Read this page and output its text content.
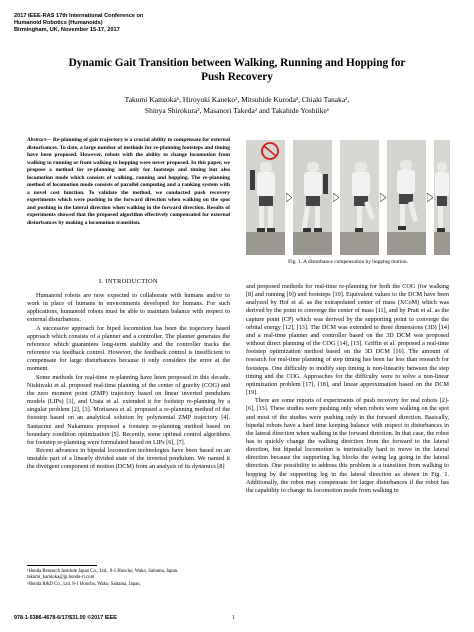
2017 IEEE-RAS 17th International Conference on
Humanoid Robotics (Humanoids)
Birmingham, UK, November 15-17, 2017
Dynamic Gait Transition between Walking, Running and Hopping for
Push Recovery
Takumi Kamioka¹, Hiroyuki Kaneko², Mitsuhide Kuroda², Chiaki Tanaka²,
Shinya Shirokura², Masanori Takeda² and Takahide Yoshiike¹
Abstract— Re-planning of gait trajectory is a crucial ability to compensate for external disturbances. To date, a large number of methods for re-planning footsteps and timing have been proposed. However, robots with the ability to change locomotion from walking to running or from walking to hopping were never proposed. In this paper, we propose a method for re-planning not only for footsteps and timing but also locomotion mode which consists of walking, running and hopping. The re-planning method of locomotion mode consists of parallel computing and a ranking system with a novel cost function. To validate the method, we conducted push recovery experiments which were pushing in the forward direction when walking on the spot and pushing in the lateral direction when walking in the forward direction. Results of experiments showed that the proposed algorithm effectively compensated for external disturbances by making a locomotion transition.
I. INTRODUCTION

Humanoid robots are now expected to collaborate with humans and/or to work in place of humans in environments developed for humans. For such applications, humanoid robots must be able to maintain balance with respect to external disturbances.

A successive approach for biped locomotion has been the trajectory based approach which consists of a planner and a controller. The planner generates the reference which guarantees long-term stability and the controller tracks the reference via feedback control. However, the feedback control is insufficient to compensate for large disturbances because it only considers the error at the moment.

Some methods for real-time re-planning have been proposed in this decade. Nishiwaki et al. proposed real-time planning of the center of gravity (COG) and the zero moment point (ZMP) trajectory based on linear inverted pendulum models (LIPs) [1], and Urata et al. extended it for footstep re-planning by a singular problem [2], [3]. Morisawa et al. proposed a re-planning method of the footstep based on an analytical solution by polynomial ZMP trajectory [4]. Santacruz and Nakamura proposed a footstep re-planning method based on boundary condition optimization [5]. Recently, some optimal control algorithms for footstep re-planning were formulated based on LIPs [6], [7].

Recent advances in bipedal locomotion technologies have been based on an unstable part of a linearly divided state of the inverted pendulum. We named it the divergent component of motion (DCM) from an analysis of its dynamics [8]

¹Honda Research Institute Japan Co., Ltd., 8-1 Honcho, Wako, Saitama, Japan. takumi_kamioka@jp.honda-ri.com
²Honda R&D Co., Ltd. 8-1 Honcho, Wako, Saitama, Japan.
Fig. 1. A disturbance compensation by hopping motion.

and proposed methods for real-time re-planning for both the COG (for walking [8] and running [9]) and footsteps [10]. Equivalent values to the DCM have been analyzed by Hof et al. as the extrapolated center of mass (XCoM) which was derived by the point to converge the center of mass [11], and by Pratt et al. as the capture point (CP) which was derived by the supporting point to converge the orbital energy [12], [13]. The DCM was extended to three dimensions (3D) [14] and a real-time planner and controller based on the 3D DCM was proposed without direct planning of the COG [14], [15]. Griffin et al. proposed a real-time footstep optimization method based on the 3D DCM [16]. The amount of research for real-time planning of step timing has been far less than research for footsteps. One difficulty to modify step timing is non-linearity between the step timing and the COG. Approaches for the difficulty were to solve a non-linear optimization problem [17], [18], and linear approximation based on the DCM [19].

There are some reports of experiments of push recovery for real robots [2]-[6], [13]. These studies were pushing only when robots were walking on the spot and most of the studies were pushing only in the forward direction. Basically, bipedal robots have a hard time keeping balance with respect to disturbances in the lateral direction when walking in the forward direction. In that case, the robot has to quickly change the walking direction from the forward to the lateral direction, but bipedal locomotion is intrinsically hard to move in the lateral direction because the supporting leg blocks the swing leg going in the lateral direction. One possibility to address this problem is a transition from walking to hopping by the supporting leg in the lateral direction as shown in Fig. 1. Additionally, the robot may compensate for larger disturbances if the robot has the capability to change its locomotion mode from walking to

978-1-5386-4678-6/17/$31.00 ©2017 IEEE	1
